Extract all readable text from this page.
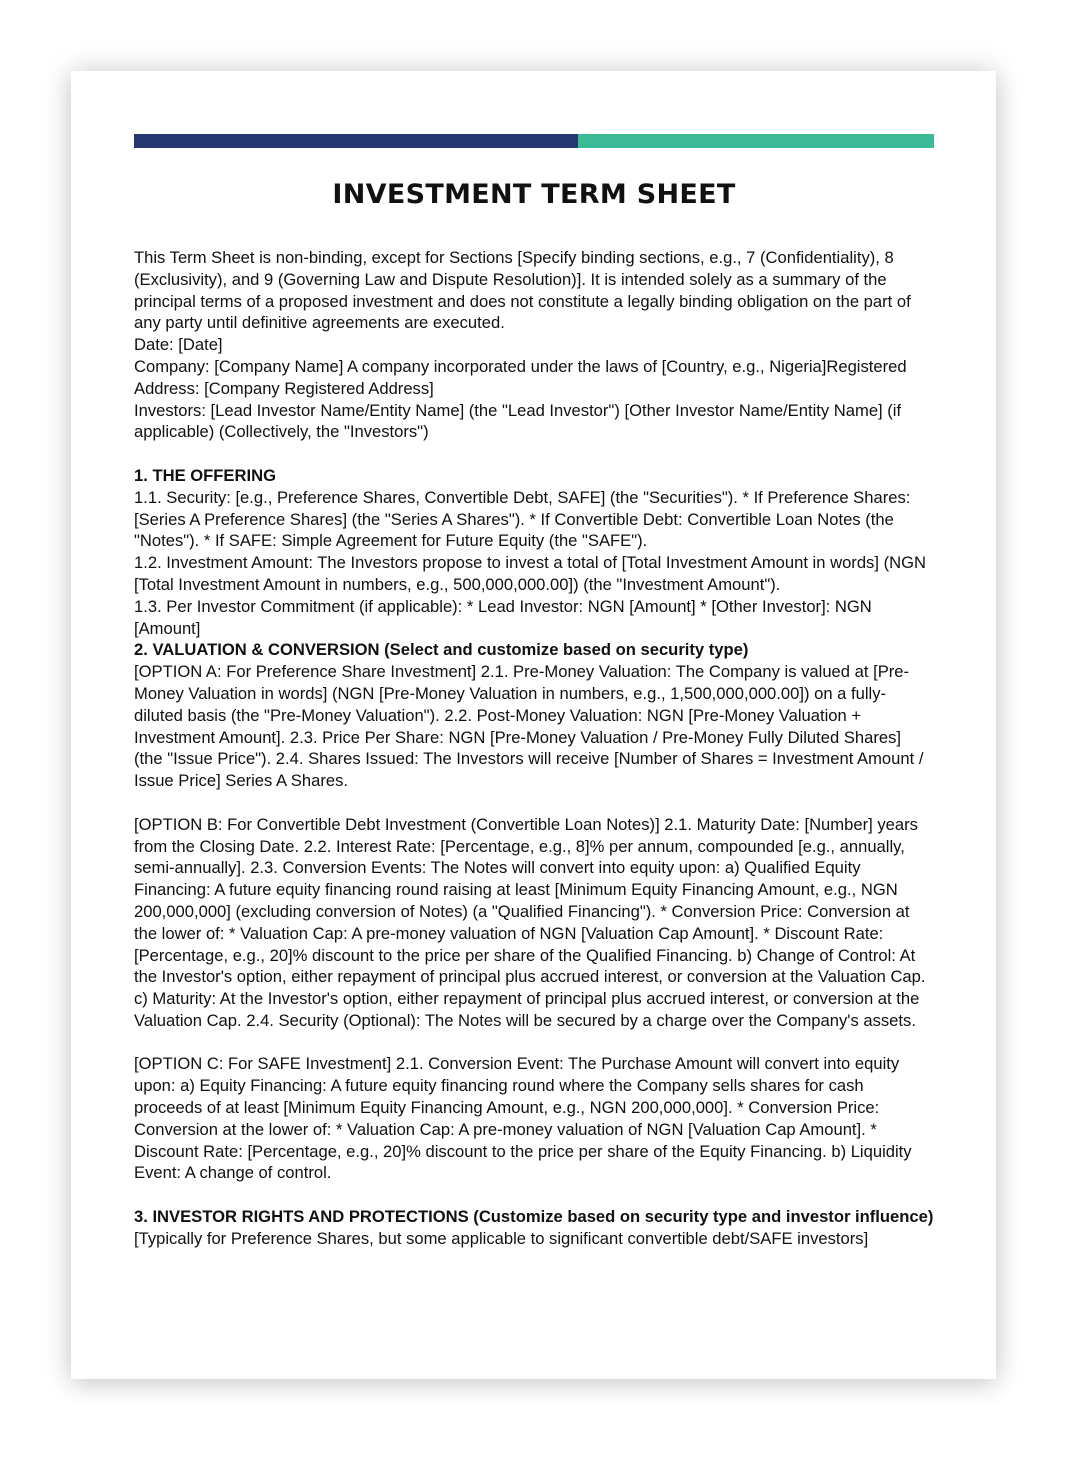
INVESTMENT TERM SHEET

This Term Sheet is non-binding, except for Sections [Specify binding sections, e.g., 7 (Confidentiality), 8 (Exclusivity), and 9 (Governing Law and Dispute Resolution)]. It is intended solely as a summary of the principal terms of a proposed investment and does not constitute a legally binding obligation on the part of any party until definitive agreements are executed.

Date: [Date]

Company: [Company Name] A company incorporated under the laws of [Country, e.g., Nigeria]Registered Address: [Company Registered Address]

Investors: [Lead Investor Name/Entity Name] (the "Lead Investor") [Other Investor Name/Entity Name] (if applicable) (Collectively, the "Investors")

1. THE OFFERING

1.1. Security: [e.g., Preference Shares, Convertible Debt, SAFE] (the "Securities"). * If Preference Shares: [Series A Preference Shares] (the "Series A Shares"). * If Convertible Debt: Convertible Loan Notes (the "Notes"). * If SAFE: Simple Agreement for Future Equity (the "SAFE").

1.2. Investment Amount: The Investors propose to invest a total of [Total Investment Amount in words] (NGN [Total Investment Amount in numbers, e.g., 500,000,000.00]) (the "Investment Amount").

1.3. Per Investor Commitment (if applicable): * Lead Investor: NGN [Amount] * [Other Investor]: NGN [Amount]

2. VALUATION & CONVERSION (Select and customize based on security type)

[OPTION A: For Preference Share Investment] 2.1. Pre-Money Valuation: The Company is valued at [Pre-Money Valuation in words] (NGN [Pre-Money Valuation in numbers, e.g., 1,500,000,000.00]) on a fully-diluted basis (the "Pre-Money Valuation"). 2.2. Post-Money Valuation: NGN [Pre-Money Valuation + Investment Amount]. 2.3. Price Per Share: NGN [Pre-Money Valuation / Pre-Money Fully Diluted Shares] (the "Issue Price"). 2.4. Shares Issued: The Investors will receive [Number of Shares = Investment Amount / Issue Price] Series A Shares.

[OPTION B: For Convertible Debt Investment (Convertible Loan Notes)] 2.1. Maturity Date: [Number] years from the Closing Date. 2.2. Interest Rate: [Percentage, e.g., 8]% per annum, compounded [e.g., annually, semi-annually]. 2.3. Conversion Events: The Notes will convert into equity upon: a) Qualified Equity Financing: A future equity financing round raising at least [Minimum Equity Financing Amount, e.g., NGN 200,000,000] (excluding conversion of Notes) (a "Qualified Financing"). * Conversion Price: Conversion at the lower of: * Valuation Cap: A pre-money valuation of NGN [Valuation Cap Amount]. * Discount Rate: [Percentage, e.g., 20]% discount to the price per share of the Qualified Financing. b) Change of Control: At the Investor's option, either repayment of principal plus accrued interest, or conversion at the Valuation Cap. c) Maturity: At the Investor's option, either repayment of principal plus accrued interest, or conversion at the Valuation Cap. 2.4. Security (Optional): The Notes will be secured by a charge over the Company's assets.

[OPTION C: For SAFE Investment] 2.1. Conversion Event: The Purchase Amount will convert into equity upon: a) Equity Financing: A future equity financing round where the Company sells shares for cash proceeds of at least [Minimum Equity Financing Amount, e.g., NGN 200,000,000]. * Conversion Price: Conversion at the lower of: * Valuation Cap: A pre-money valuation of NGN [Valuation Cap Amount]. * Discount Rate: [Percentage, e.g., 20]% discount to the price per share of the Equity Financing. b) Liquidity Event: A change of control.

3. INVESTOR RIGHTS AND PROTECTIONS (Customize based on security type and investor influence)

[Typically for Preference Shares, but some applicable to significant convertible debt/SAFE investors]
